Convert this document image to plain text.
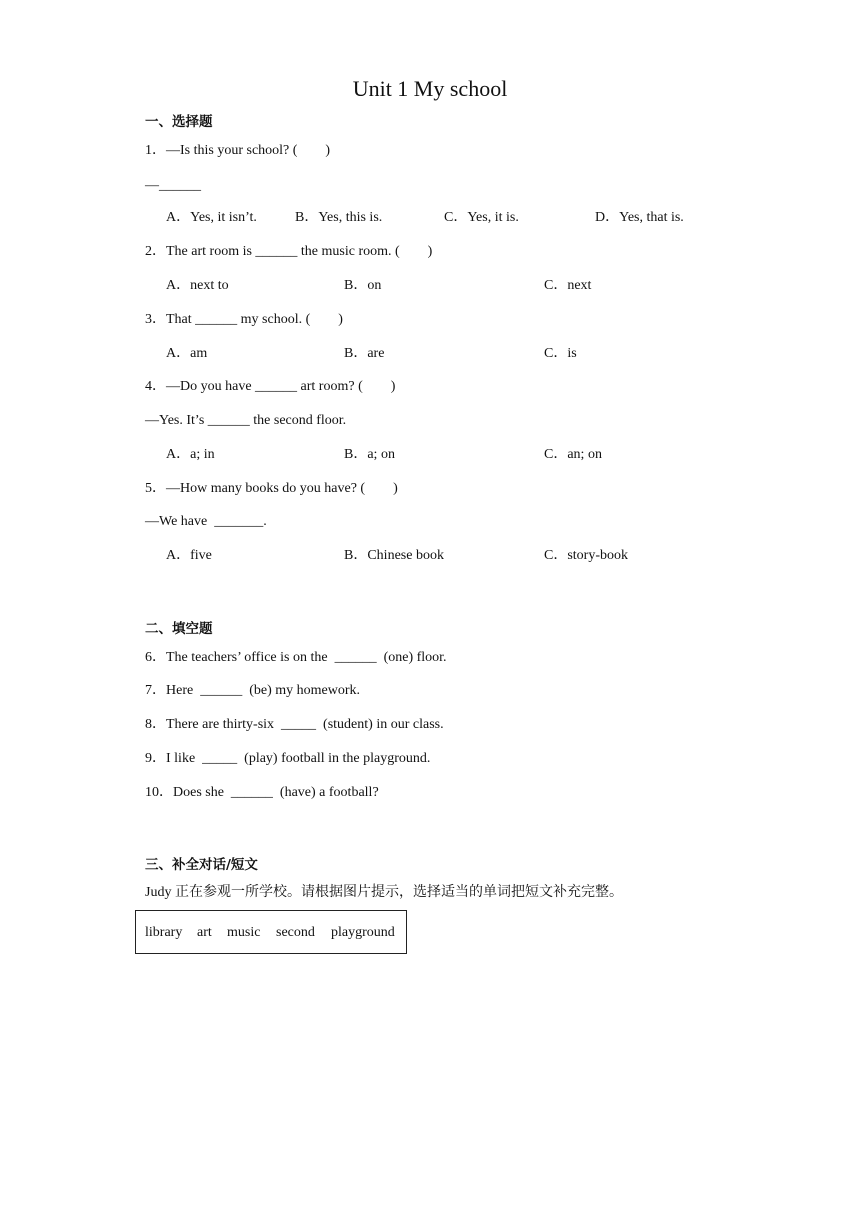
Unit 1 My school
一、选择题
1．—Is this your school? (　　)
—______
A．Yes, it isn’t.	B．Yes, this is.	C．Yes, it is.	D．Yes, that is.
2．The art room is ______ the music room. (　　)
A．next to	B．on	C．next
3．That ______ my school. (　　)
A．am	B．are	C．is
4．—Do you have ______ art room? (　　)
—Yes. It’s ______ the second floor.
A．a; in	B．a; on	C．an; on
5．—How many books do you have? (　　)
—We have  _______.
A．five	B．Chinese book	C．story-book
二、填空题
6．The teachers’ office is on the  ______  (one) floor.
7．Here  ______  (be) my homework.
8．There are thirty-six  _____  (student) in our class.
9．I like  _____  (play) football in the playground.
10．Does she  ______  (have) a football?
三、补全对话/短文
Judy 正在参观一所学校。请根据图片提示，选择适当的单词把短文补充完整。
library art music second playground
